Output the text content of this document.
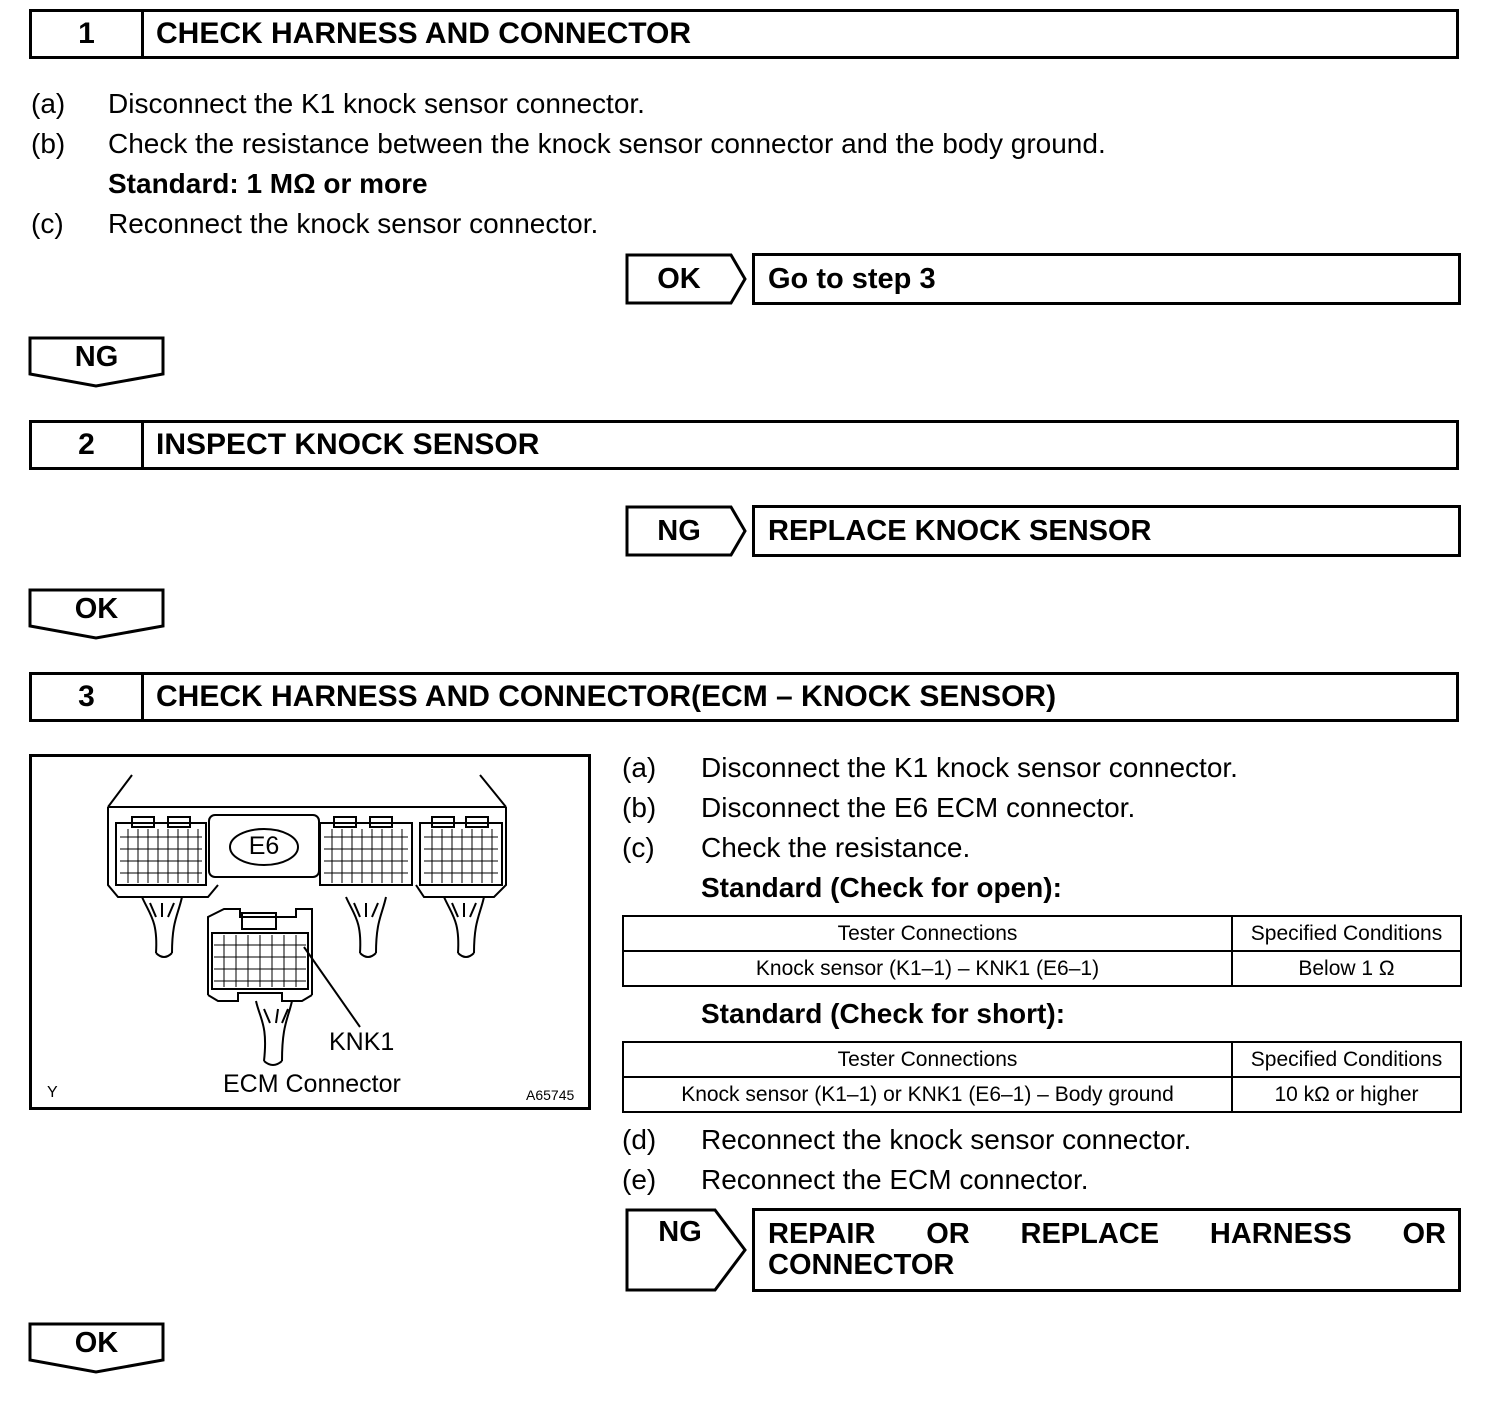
1	CHECK HARNESS AND CONNECTOR
(a) Disconnect the K1 knock sensor connector.
(b) Check the resistance between the knock sensor connector and the body ground.
Standard: 1 MΩ or more
(c) Reconnect the knock sensor connector.
OK	Go to step 3
NG
2	INSPECT KNOCK SENSOR
NG	REPLACE KNOCK SENSOR
OK
3	CHECK HARNESS AND CONNECTOR(ECM – KNOCK SENSOR)
E6
KNK1
ECM Connector
Y	A65745
(a) Disconnect the K1 knock sensor connector.
(b) Disconnect the E6 ECM connector.
(c) Check the resistance.
Standard (Check for open):
Tester Connections	Specified Conditions
Knock sensor (K1–1) – KNK1 (E6–1)	Below 1 Ω
Standard (Check for short):
Tester Connections	Specified Conditions
Knock sensor (K1–1) or KNK1 (E6–1) – Body ground	10 kΩ or higher
(d) Reconnect the knock sensor connector.
(e) Reconnect the ECM connector.
NG	REPAIR OR REPLACE HARNESS OR
CONNECTOR
OK
